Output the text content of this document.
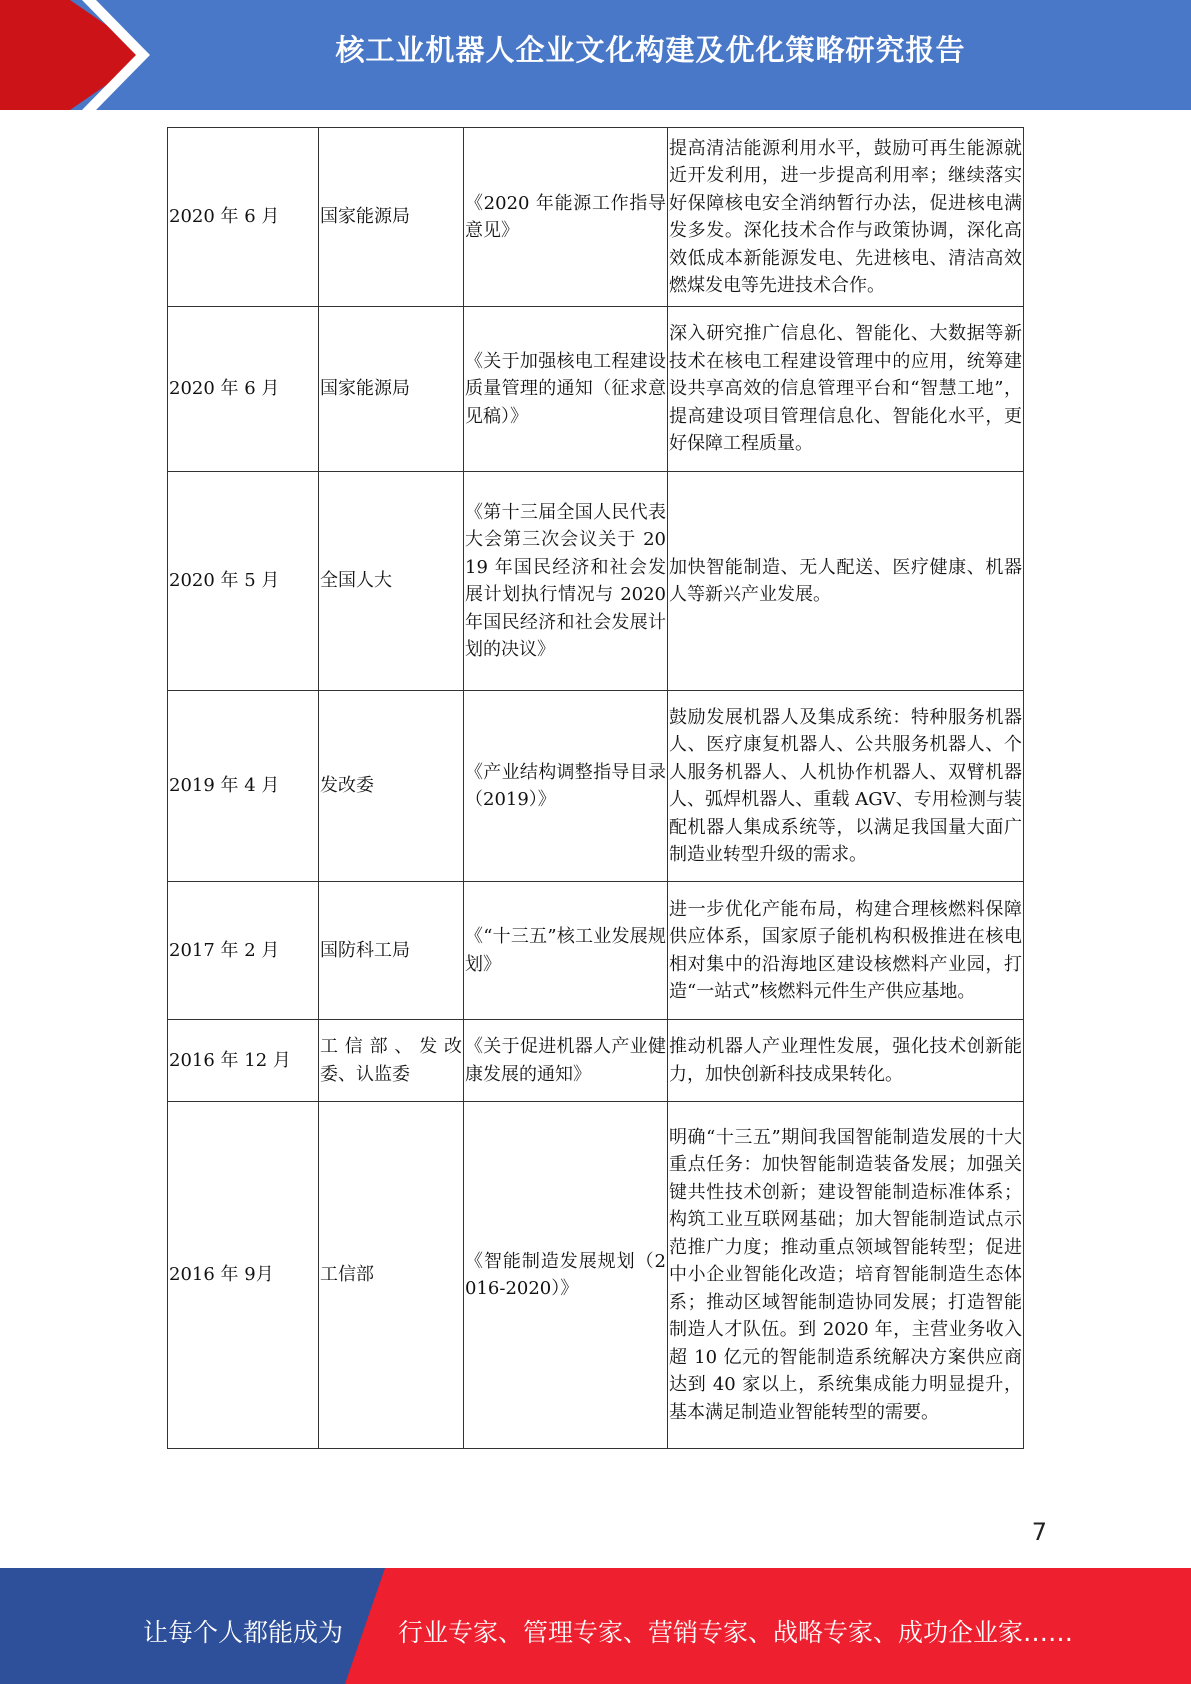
核工业机器人企业文化构建及优化策略研究报告
2020 年 6 月	国家能源局	《2020 年能源工作指导意见》	提高清洁能源利用水平，鼓励可再生能源就近开发利用，进一步提高利用率；继续落实好保障核电安全消纳暂行办法，促进核电满发多发。深化技术合作与政策协调，深化高效低成本新能源发电、先进核电、清洁高效燃煤发电等先进技术合作。
2020 年 6 月	国家能源局	《关于加强核电工程建设质量管理的通知（征求意见稿）》	深入研究推广信息化、智能化、大数据等新技术在核电工程建设管理中的应用，统筹建设共享高效的信息管理平台和“智慧工地”，提高建设项目管理信息化、智能化水平，更好保障工程质量。
2020 年 5 月	全国人大	《第十三届全国人民代表大会第三次会议关于 2019 年国民经济和社会发展计划执行情况与 2020 年国民经济和社会发展计划的决议》	加快智能制造、无人配送、医疗健康、机器人等新兴产业发展。
2019 年 4 月	发改委	《产业结构调整指导目录（2019）》	鼓励发展机器人及集成系统：特种服务机器人、医疗康复机器人、公共服务机器人、个人服务机器人、人机协作机器人、双臂机器人、弧焊机器人、重载 AGV、专用检测与装配机器人集成系统等，以满足我国量大面广制造业转型升级的需求。
2017 年 2 月	国防科工局	《“十三五”核工业发展规划》	进一步优化产能布局，构建合理核燃料保障供应体系，国家原子能机构积极推进在核电相对集中的沿海地区建设核燃料产业园，打造“一站式”核燃料元件生产供应基地。
2016 年 12 月	工信部、发改委、认监委	《关于促进机器人产业健康发展的通知》	推动机器人产业理性发展，强化技术创新能力，加快创新科技成果转化。
2016 年 9月	工信部	《智能制造发展规划（2016-2020）》	明确“十三五”期间我国智能制造发展的十大重点任务：加快智能制造装备发展；加强关键共性技术创新；建设智能制造标准体系；构筑工业互联网基础；加大智能制造试点示范推广力度；推动重点领域智能转型；促进中小企业智能化改造；培育智能制造生态体系；推动区域智能制造协同发展；打造智能制造人才队伍。到 2020 年，主营业务收入超 10 亿元的智能制造系统解决方案供应商达到 40 家以上，系统集成能力明显提升，基本满足制造业智能转型的需要。
7
让每个人都能成为 行业专家、管理专家、营销专家、战略专家、成功企业家……
